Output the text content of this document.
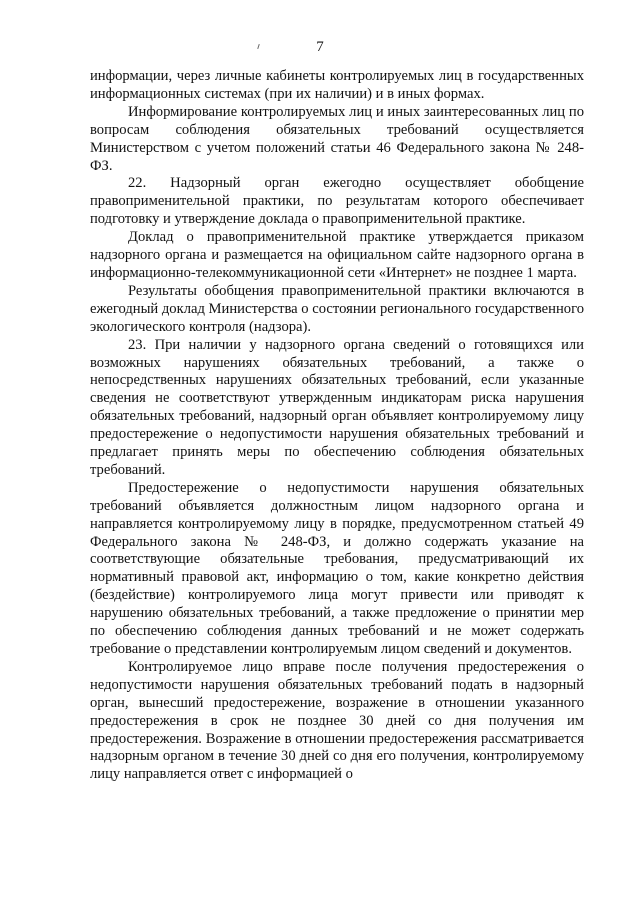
7

информации, через личные кабинеты контролируемых лиц в государственных информационных системах (при их наличии) и в иных формах.

Информирование контролируемых лиц и иных заинтересованных лиц по вопросам соблюдения обязательных требований осуществляется Министерством с учетом положений статьи 46 Федерального закона № 248-ФЗ.

22. Надзорный орган ежегодно осуществляет обобщение правоприменительной практики, по результатам которого обеспечивает подготовку и утверждение доклада о правоприменительной практике.

Доклад о правоприменительной практике утверждается приказом надзорного органа и размещается на официальном сайте надзорного органа в информационно-телекоммуникационной сети «Интернет» не позднее 1 марта.

Результаты обобщения правоприменительной практики включаются в ежегодный доклад Министерства о состоянии регионального государственного экологического контроля (надзора).

23. При наличии у надзорного органа сведений о готовящихся или возможных нарушениях обязательных требований, а также о непосредственных нарушениях обязательных требований, если указанные сведения не соответствуют утвержденным индикаторам риска нарушения обязательных требований, надзорный орган объявляет контролируемому лицу предостережение о недопустимости нарушения обязательных требований и предлагает принять меры по обеспечению соблюдения обязательных требований.

Предостережение о недопустимости нарушения обязательных требований объявляется должностным лицом надзорного органа и направляется контролируемому лицу в порядке, предусмотренном статьей 49 Федерального закона № 248-ФЗ, и должно содержать указание на соответствующие обязательные требования, предусматривающий их нормативный правовой акт, информацию о том, какие конкретно действия (бездействие) контролируемого лица могут привести или приводят к нарушению обязательных требований, а также предложение о принятии мер по обеспечению соблюдения данных требований и не может содержать требование о представлении контролируемым лицом сведений и документов.

Контролируемое лицо вправе после получения предостережения о недопустимости нарушения обязательных требований подать в надзорный орган, вынесший предостережение, возражение в отношении указанного предостережения в срок не позднее 30 дней со дня получения им предостережения. Возражение в отношении предостережения рассматривается надзорным органом в течение 30 дней со дня его получения, контролируемому лицу направляется ответ с информацией о
